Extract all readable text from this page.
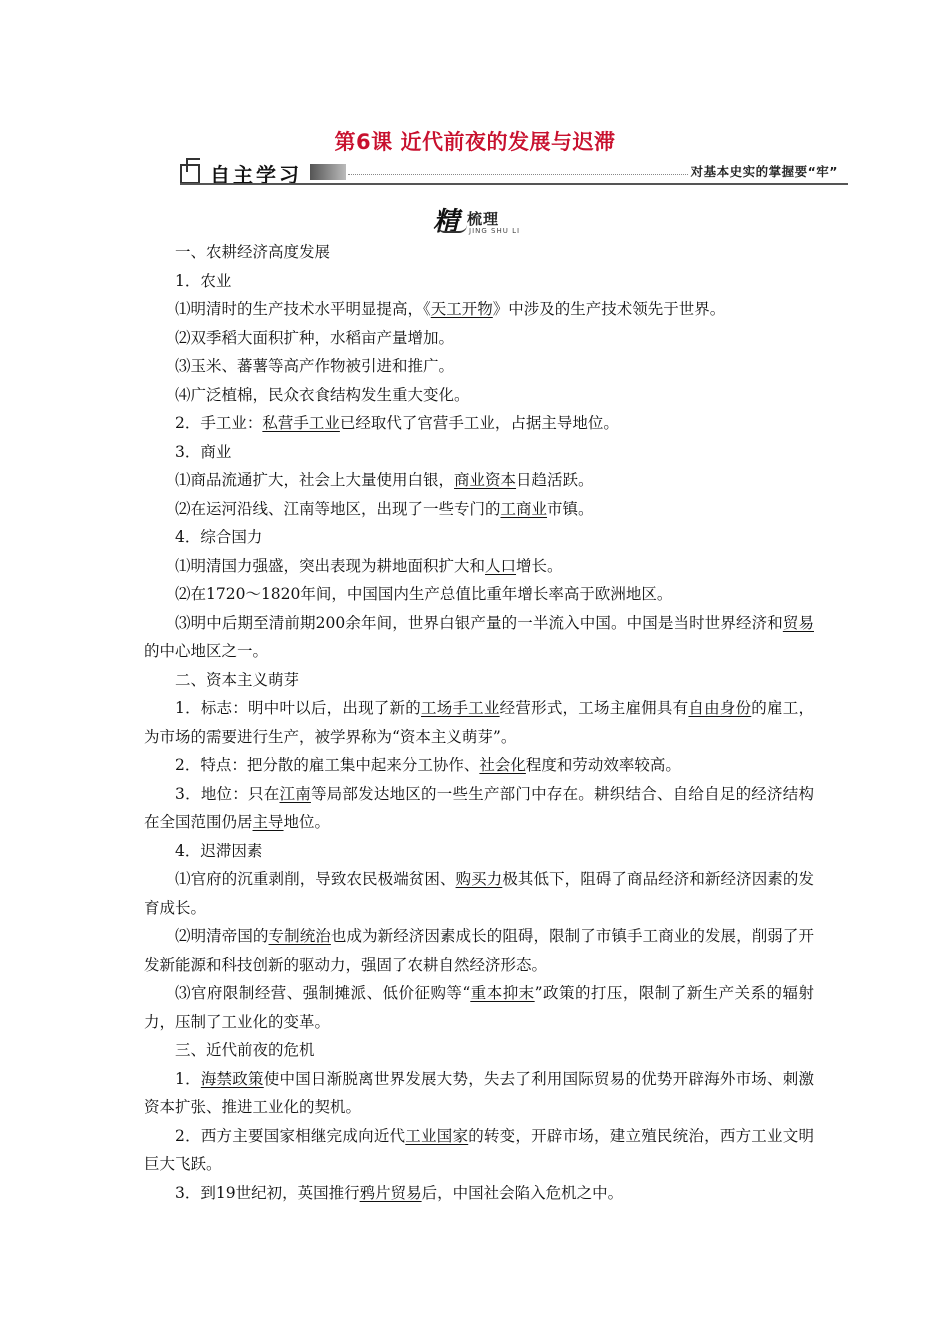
第6课 近代前夜的发展与迟滞
自主学习	对基本史实的掌握要“牢”
精 梳理
JING SHU LI

一、农耕经济高度发展

1．农业

⑴明清时的生产技术水平明显提高，《天工开物》中涉及的生产技术领先于世界。

⑵双季稻大面积扩种，水稻亩产量增加。

⑶玉米、蕃薯等高产作物被引进和推广。

⑷广泛植棉，民众衣食结构发生重大变化。

2．手工业：私营手工业已经取代了官营手工业，占据主导地位。

3．商业

⑴商品流通扩大，社会上大量使用白银，商业资本日趋活跃。

⑵在运河沿线、江南等地区，出现了一些专门的工商业市镇。

4．综合国力

⑴明清国力强盛，突出表现为耕地面积扩大和人口增长。

⑵在1720～1820年间，中国国内生产总值比重年增长率高于欧洲地区。

⑶明中后期至清前期200余年间，世界白银产量的一半流入中国。中国是当时世界经济和贸易的中心地区之一。

二、资本主义萌芽

1．标志：明中叶以后，出现了新的工场手工业经营形式，工场主雇佣具有自由身份的雇工，为市场的需要进行生产，被学界称为“资本主义萌芽”。

2．特点：把分散的雇工集中起来分工协作、社会化程度和劳动效率较高。

3．地位：只在江南等局部发达地区的一些生产部门中存在。耕织结合、自给自足的经济结构在全国范围仍居主导地位。

4．迟滞因素

⑴官府的沉重剥削，导致农民极端贫困、购买力极其低下，阻碍了商品经济和新经济因素的发育成长。

⑵明清帝国的专制统治也成为新经济因素成长的阻碍，限制了市镇手工商业的发展，削弱了开发新能源和科技创新的驱动力，强固了农耕自然经济形态。

⑶官府限制经营、强制摊派、低价征购等“重本抑末”政策的打压，限制了新生产关系的辐射力，压制了工业化的变革。

三、近代前夜的危机

1．海禁政策使中国日渐脱离世界发展大势，失去了利用国际贸易的优势开辟海外市场、刺激资本扩张、推进工业化的契机。

2．西方主要国家相继完成向近代工业国家的转变，开辟市场，建立殖民统治，西方工业文明巨大飞跃。

3．到19世纪初，英国推行鸦片贸易后，中国社会陷入危机之中。
